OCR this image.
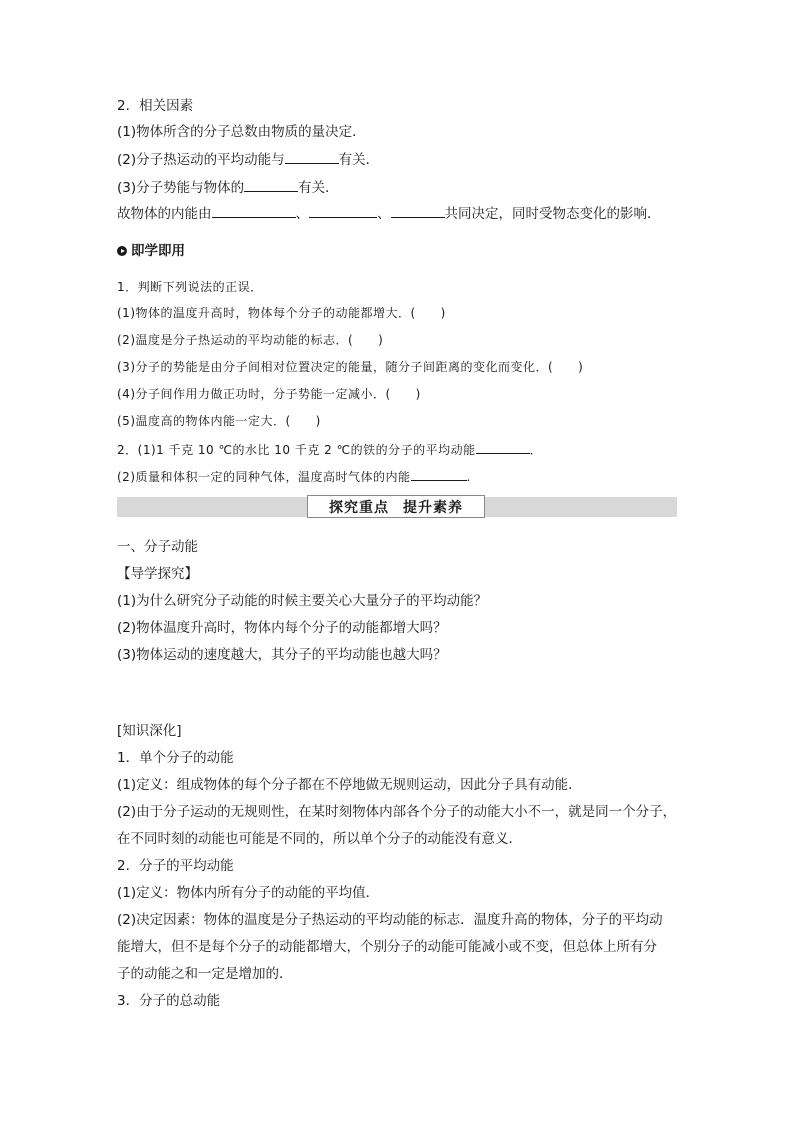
2．相关因素
(1)物体所含的分子总数由物质的量决定．
(2)分子热运动的平均动能与	有关．
(3)分子势能与物体的	有关．
故物体的内能由	、	、	共同决定，同时受物态变化的影响．
即学即用
1．判断下列说法的正误．
(1)物体的温度升高时，物体每个分子的动能都增大．(　　)
(2)温度是分子热运动的平均动能的标志．(　　)
(3)分子的势能是由分子间相对位置决定的能量，随分子间距离的变化而变化．(　　)
(4)分子间作用力做正功时，分子势能一定减小．(　　)
(5)温度高的物体内能一定大．(　　)
2．(1)1 千克 10 ℃的水比 10 千克 2 ℃的铁的分子的平均动能	．
(2)质量和体积一定的同种气体，温度高时气体的内能	.
探究重点 提升素养
一、分子动能
【导学探究】
(1)为什么研究分子动能的时候主要关心大量分子的平均动能？
(2)物体温度升高时，物体内每个分子的动能都增大吗？
(3)物体运动的速度越大，其分子的平均动能也越大吗？
[知识深化]
1．单个分子的动能
(1)定义：组成物体的每个分子都在不停地做无规则运动，因此分子具有动能．
(2)由于分子运动的无规则性，在某时刻物体内部各个分子的动能大小不一，就是同一个分子，
在不同时刻的动能也可能是不同的，所以单个分子的动能没有意义．
2．分子的平均动能
(1)定义：物体内所有分子的动能的平均值．
(2)决定因素：物体的温度是分子热运动的平均动能的标志．温度升高的物体，分子的平均动
能增大，但不是每个分子的动能都增大，个别分子的动能可能减小或不变，但总体上所有分
子的动能之和一定是增加的．
3．分子的总动能
